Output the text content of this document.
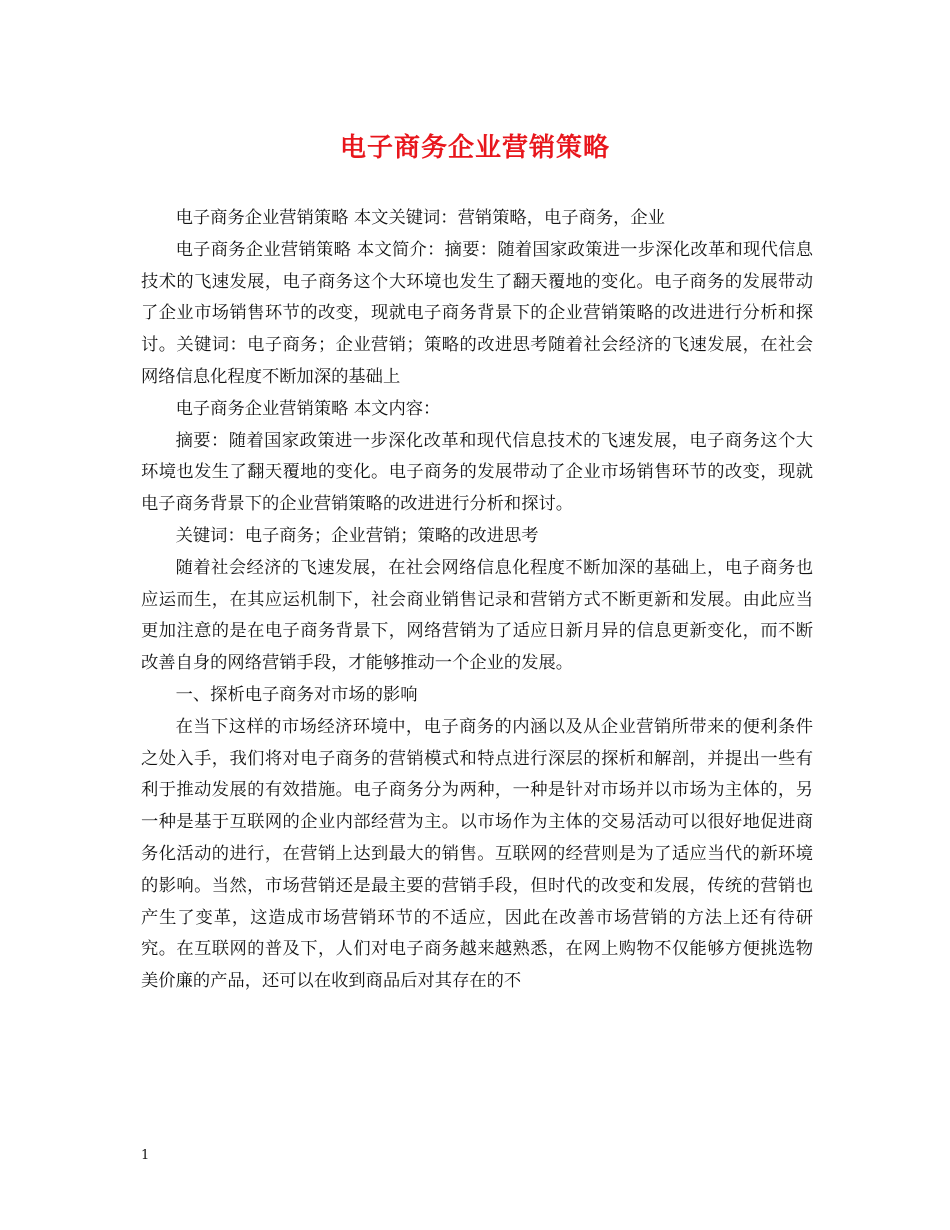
电子商务企业营销策略

电子商务企业营销策略 本文关键词：营销策略，电子商务，企业

电子商务企业营销策略 本文简介：摘要：随着国家政策进一步深化改革和现代信息技术的飞速发展，电子商务这个大环境也发生了翻天覆地的变化。电子商务的发展带动了企业市场销售环节的改变，现就电子商务背景下的企业营销策略的改进进行分析和探讨。关键词：电子商务；企业营销；策略的改进思考随着社会经济的飞速发展，在社会网络信息化程度不断加深的基础上

电子商务企业营销策略 本文内容：

摘要：随着国家政策进一步深化改革和现代信息技术的飞速发展，电子商务这个大环境也发生了翻天覆地的变化。电子商务的发展带动了企业市场销售环节的改变，现就电子商务背景下的企业营销策略的改进进行分析和探讨。

关键词：电子商务；企业营销；策略的改进思考

随着社会经济的飞速发展，在社会网络信息化程度不断加深的基础上，电子商务也应运而生，在其应运机制下，社会商业销售记录和营销方式不断更新和发展。由此应当更加注意的是在电子商务背景下，网络营销为了适应日新月异的信息更新变化，而不断改善自身的网络营销手段，才能够推动一个企业的发展。

一、探析电子商务对市场的影响

在当下这样的市场经济环境中，电子商务的内涵以及从企业营销所带来的便利条件之处入手，我们将对电子商务的营销模式和特点进行深层的探析和解剖，并提出一些有利于推动发展的有效措施。电子商务分为两种，一种是针对市场并以市场为主体的，另一种是基于互联网的企业内部经营为主。以市场作为主体的交易活动可以很好地促进商务化活动的进行，在营销上达到最大的销售。互联网的经营则是为了适应当代的新环境的影响。当然，市场营销还是最主要的营销手段，但时代的改变和发展，传统的营销也产生了变革，这造成市场营销环节的不适应，因此在改善市场营销的方法上还有待研究。在互联网的普及下，人们对电子商务越来越熟悉，在网上购物不仅能够方便挑选物美价廉的产品，还可以在收到商品后对其存在的不

1
